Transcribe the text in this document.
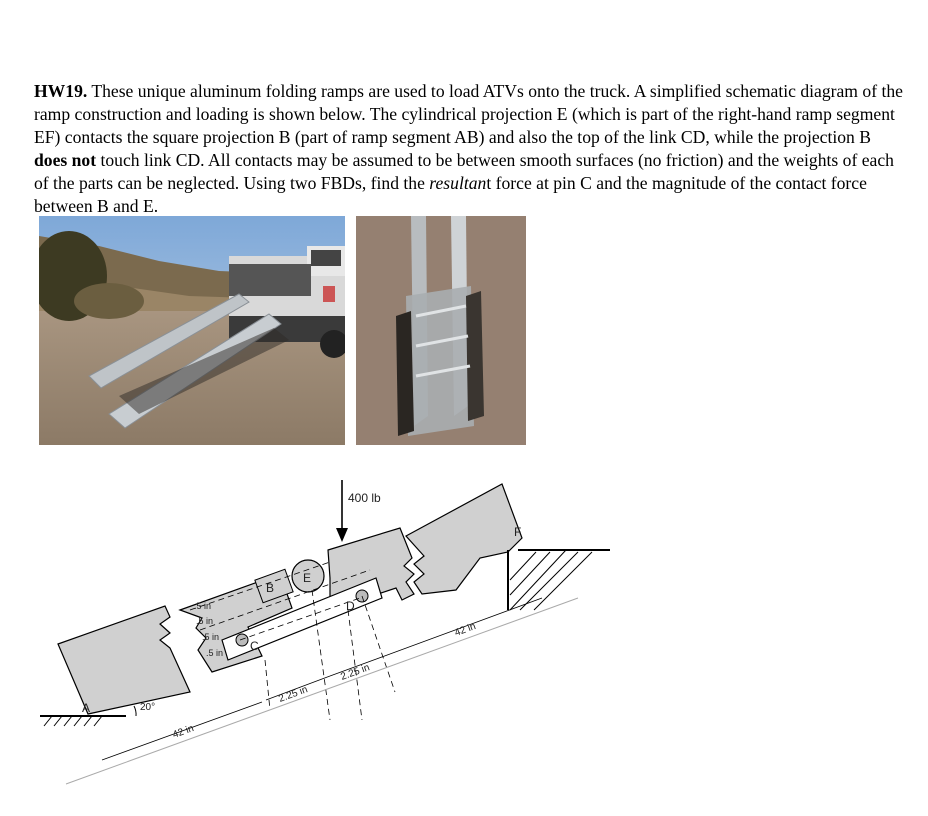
HW19. These unique aluminum folding ramps are used to load ATVs onto the truck. A simplified schematic diagram of the ramp construction and loading is shown below. The cylindrical projection E (which is part of the right-hand ramp segment EF) contacts the square projection B (part of ramp segment AB) and also the top of the link CD, while the projection B does not touch link CD. All contacts may be assumed to be between smooth surfaces (no friction) and the weights of each of the parts can be neglected. Using two FBDs, find the resultant force at pin C and the magnitude of the contact force between B and E.
400 lb
20°
A
B
C
D
E
F
.5 in
.5 in
.5 in
.5 in
42 in
42 in
2.25 in
2.25 in
